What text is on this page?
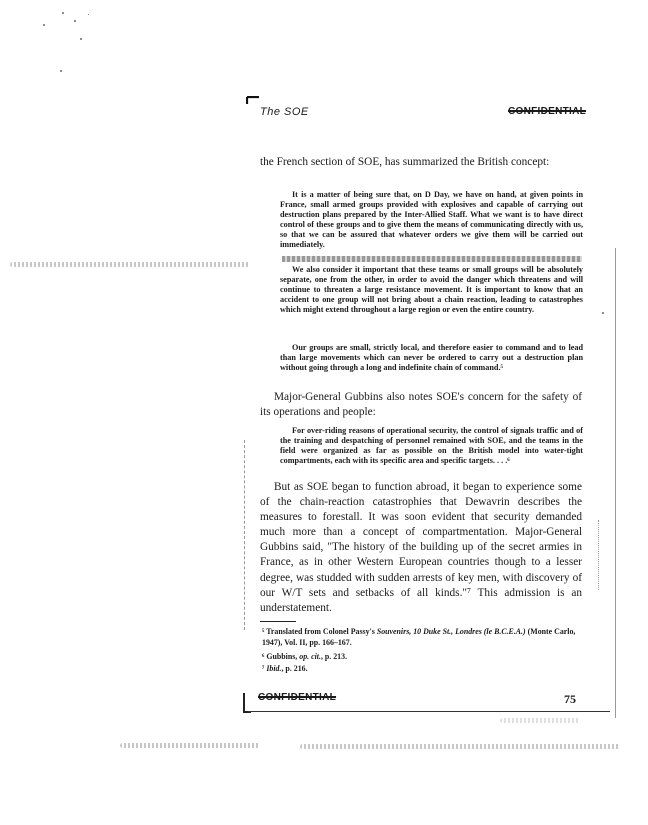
The SOE	CONFIDENTIAL

the French section of SOE, has summarized the British concept:

It is a matter of being sure that, on D Day, we have on hand, at given points in France, small armed groups provided with explosives and capable of carrying out destruction plans prepared by the Inter-Allied Staff. What we want is to have direct control of these groups and to give them the means of communicating directly with us, so that we can be assured that whatever orders we give them will be carried out immediately.

We also consider it important that these teams or small groups will be absolutely separate, one from the other, in order to avoid the danger which threatens and will continue to threaten a large resistance movement. It is important to know that an accident to one group will not bring about a chain reaction, leading to catastrophes which might extend throughout a large region or even the entire country.

Our groups are small, strictly local, and therefore easier to command and to lead than large movements which can never be ordered to carry out a destruction plan without going through a long and indefinite chain of command.⁵

Major-General Gubbins also notes SOE's concern for the safety of its operations and people:

For over-riding reasons of operational security, the control of signals traffic and of the training and despatching of personnel remained with SOE, and the teams in the field were organized as far as possible on the British model into water-tight compartments, each with its specific area and specific targets. . . .⁶

But as SOE began to function abroad, it began to experience some of the chain-reaction catastrophies that Dewavrin describes the measures to forestall. It was soon evident that security demanded much more than a concept of compartmentation. Major-General Gubbins said, "The history of the building up of the secret armies in France, as in other Western European countries though to a lesser degree, was studded with sudden arrests of key men, with discovery of our W/T sets and setbacks of all kinds."⁷ This admission is an understatement.

⁵ Translated from Colonel Passy's Souvenirs, 10 Duke St., Londres (le B.C.E.A.) (Monte Carlo, 1947), Vol. II, pp. 166–167.

⁶ Gubbins, op. cit., p. 213.

⁷ Ibid., p. 216.

CONFIDENTIAL	75
